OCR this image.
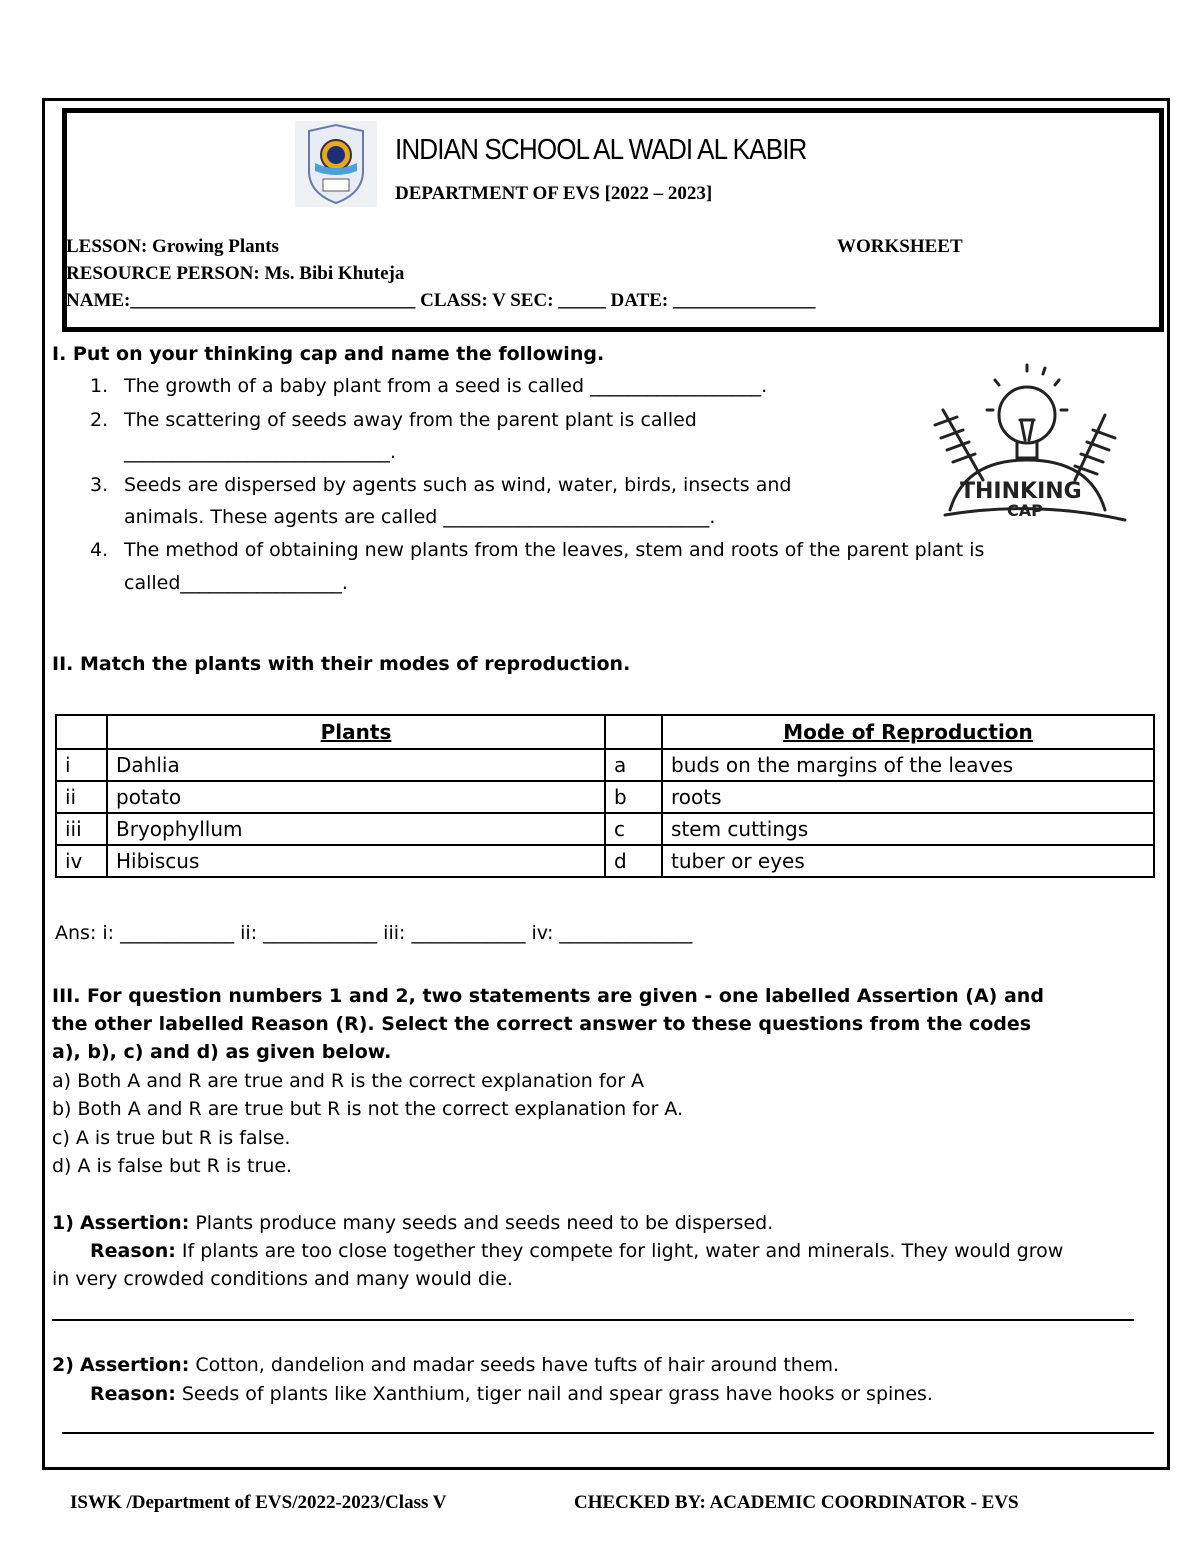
INDIAN SCHOOL AL WADI AL KABIR
DEPARTMENT OF EVS [2022 – 2023]
LESSON: Growing Plants	WORKSHEET
RESOURCE PERSON: Ms. Bibi Khuteja
NAME:______________________________ CLASS: V SEC: _____ DATE: _______________
I. Put on your thinking cap and name the following.
1. The growth of a baby plant from a seed is called __________________.
2. The scattering of seeds away from the parent plant is called
____________________________.
3. Seeds are dispersed by agents such as wind, water, birds, insects and
animals. These agents are called ____________________________.
4. The method of obtaining new plants from the leaves, stem and roots of the parent plant is
called_________________.
THINKING
CAP
II. Match the plants with their modes of reproduction.
	Plants		Mode of Reproduction
i	Dahlia	a	buds on the margins of the leaves
ii	potato	b	roots
iii	Bryophyllum	c	stem cuttings
iv	Hibiscus	d	tuber or eyes
Ans: i: ____________ ii: ____________ iii: ____________ iv: ______________
III. For question numbers 1 and 2, two statements are given - one labelled Assertion (A) and
the other labelled Reason (R). Select the correct answer to these questions from the codes
a), b), c) and d) as given below.
a) Both A and R are true and R is the correct explanation for A
b) Both A and R are true but R is not the correct explanation for A.
c) A is true but R is false.
d) A is false but R is true.
1) Assertion: Plants produce many seeds and seeds need to be dispersed.
Reason: If plants are too close together they compete for light, water and minerals. They would grow
in very crowded conditions and many would die.
2) Assertion: Cotton, dandelion and madar seeds have tufts of hair around them.
Reason: Seeds of plants like Xanthium, tiger nail and spear grass have hooks or spines.
ISWK /Department of EVS/2022-2023/Class V	CHECKED BY: ACADEMIC COORDINATOR - EVS
